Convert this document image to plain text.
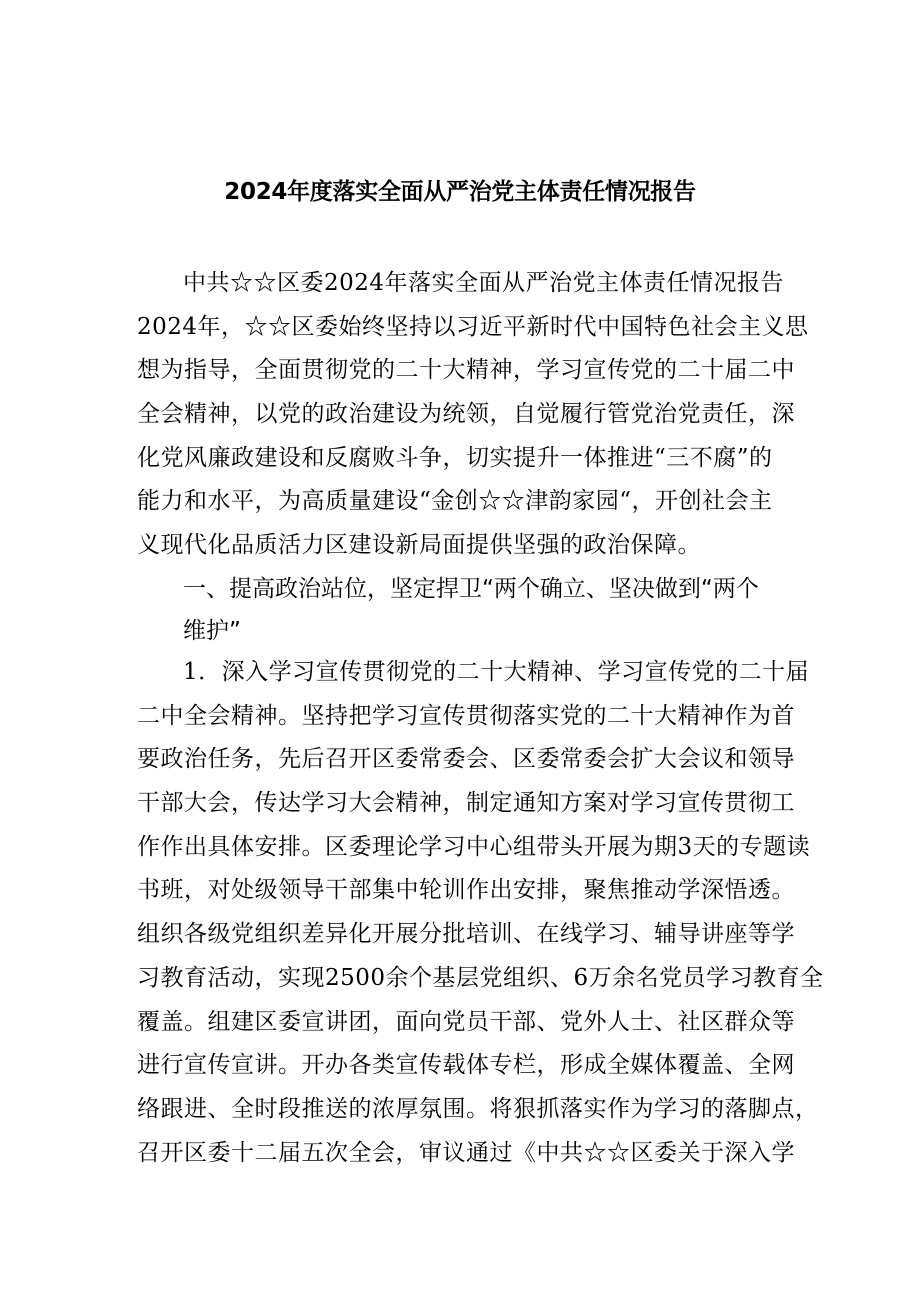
2024年度落实全面从严治党主体责任情况报告
中共☆☆区委2024年落实全面从严治党主体责任情况报告
2024年，☆☆区委始终坚持以习近平新时代中国特色社会主义思
想为指导，全面贯彻党的二十大精神，学习宣传党的二十届二中
全会精神，以党的政治建设为统领，自觉履行管党治党责任，深
化党风廉政建设和反腐败斗争，切实提升一体推进“三不腐”的
能力和水平，为高质量建设“金创☆☆津韵家园“，开创社会主
义现代化品质活力区建设新局面提供坚强的政治保障。
一、提高政治站位，坚定捍卫“两个确立、坚决做到“两个
维护”
1．深入学习宣传贯彻党的二十大精神、学习宣传党的二十届
二中全会精神。坚持把学习宣传贯彻落实党的二十大精神作为首
要政治任务，先后召开区委常委会、区委常委会扩大会议和领导
干部大会，传达学习大会精神，制定通知方案对学习宣传贯彻工
作作出具体安排。区委理论学习中心组带头开展为期3天的专题读
书班，对处级领导干部集中轮训作出安排，聚焦推动学深悟透。
组织各级党组织差异化开展分批培训、在线学习、辅导讲座等学
习教育活动，实现2500余个基层党组织、6万余名党员学习教育全
覆盖。组建区委宣讲团，面向党员干部、党外人士、社区群众等
进行宣传宣讲。开办各类宣传载体专栏，形成全媒体覆盖、全网
络跟进、全时段推送的浓厚氛围。将狠抓落实作为学习的落脚点，
召开区委十二届五次全会，审议通过《中共☆☆区委关于深入学
